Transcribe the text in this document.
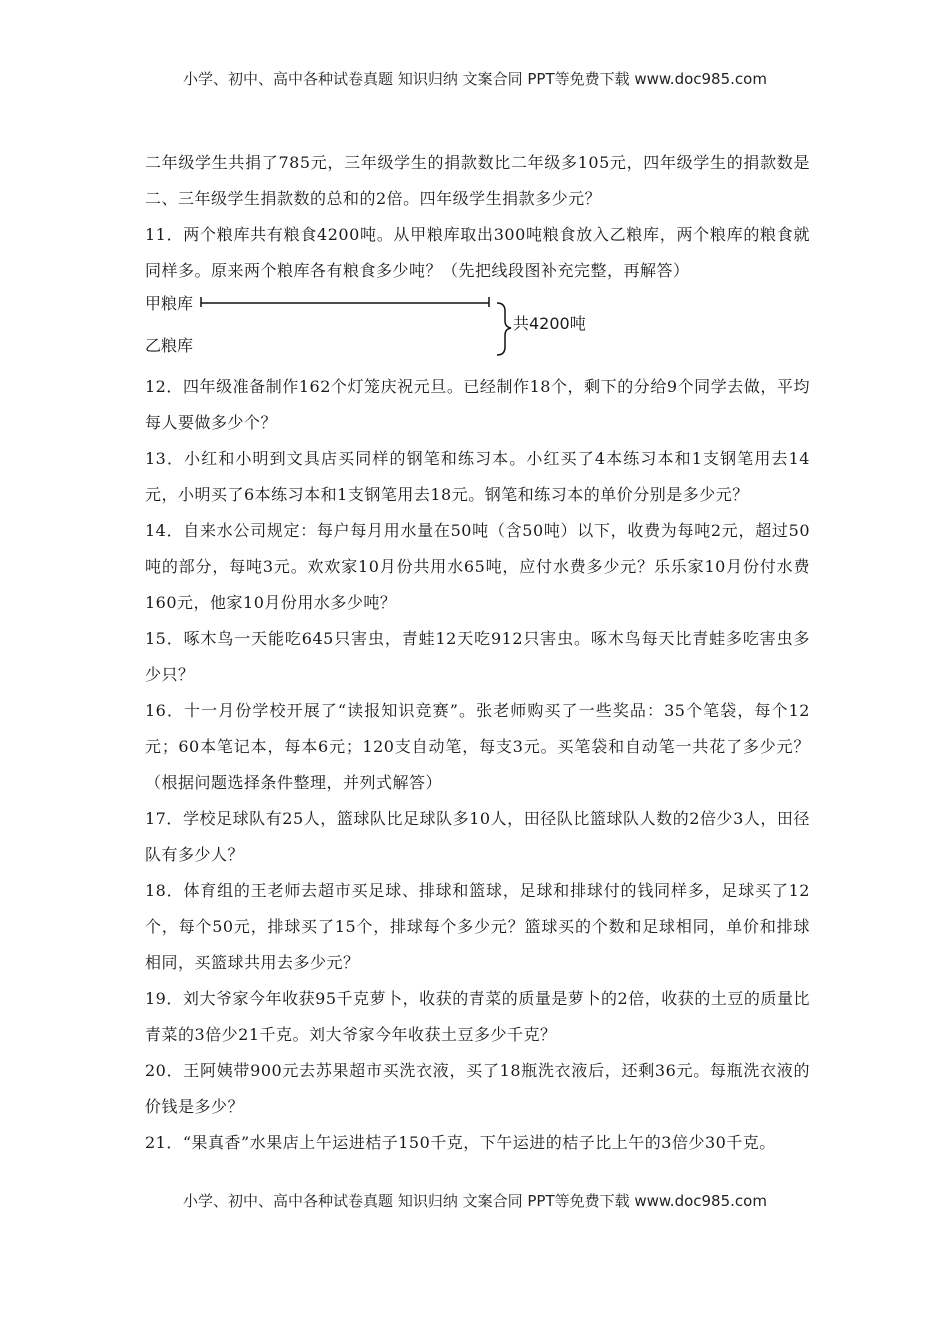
小学、初中、高中各种试卷真题 知识归纳 文案合同 PPT等免费下载 www.doc985.com

二年级学生共捐了785元，三年级学生的捐款数比二年级多105元，四年级学生的捐款数是二、三年级学生捐款数的总和的2倍。四年级学生捐款多少元？

11．两个粮库共有粮食4200吨。从甲粮库取出300吨粮食放入乙粮库，两个粮库的粮食就同样多。原来两个粮库各有粮食多少吨？（先把线段图补充完整，再解答）

甲粮库
乙粮库
共4200吨

12．四年级准备制作162个灯笼庆祝元旦。已经制作18个，剩下的分给9个同学去做，平均每人要做多少个？

13．小红和小明到文具店买同样的钢笔和练习本。小红买了4本练习本和1支钢笔用去14元，小明买了6本练习本和1支钢笔用去18元。钢笔和练习本的单价分别是多少元？

14．自来水公司规定：每户每月用水量在50吨（含50吨）以下，收费为每吨2元，超过50吨的部分，每吨3元。欢欢家10月份共用水65吨，应付水费多少元？乐乐家10月份付水费160元，他家10月份用水多少吨？

15．啄木鸟一天能吃645只害虫，青蛙12天吃912只害虫。啄木鸟每天比青蛙多吃害虫多少只？

16．十一月份学校开展了“读报知识竞赛”。张老师购买了一些奖品：35个笔袋，每个12元；60本笔记本，每本6元；120支自动笔，每支3元。买笔袋和自动笔一共花了多少元？（根据问题选择条件整理，并列式解答）

17．学校足球队有25人，篮球队比足球队多10人，田径队比篮球队人数的2倍少3人，田径队有多少人？

18．体育组的王老师去超市买足球、排球和篮球，足球和排球付的钱同样多，足球买了12个，每个50元，排球买了15个，排球每个多少元？篮球买的个数和足球相同，单价和排球相同，买篮球共用去多少元？

19．刘大爷家今年收获95千克萝卜，收获的青菜的质量是萝卜的2倍，收获的土豆的质量比青菜的3倍少21千克。刘大爷家今年收获土豆多少千克？

20．王阿姨带900元去苏果超市买洗衣液，买了18瓶洗衣液后，还剩36元。每瓶洗衣液的价钱是多少？

21．“果真香”水果店上午运进桔子150千克，下午运进的桔子比上午的3倍少30千克。

小学、初中、高中各种试卷真题 知识归纳 文案合同 PPT等免费下载 www.doc985.com
